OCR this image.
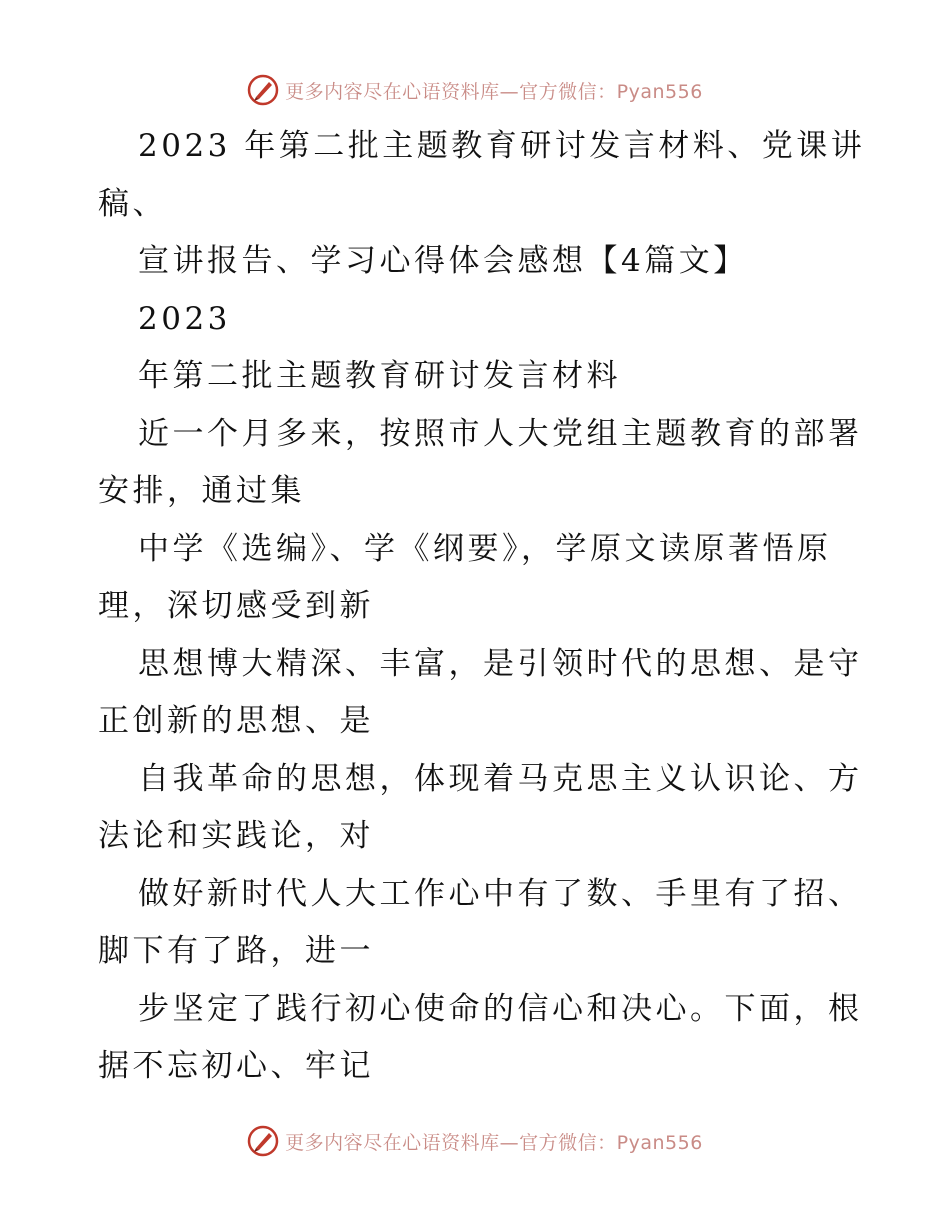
更多内容尽在心语资料库—官方微信：Pyan556
2023 年第二批主题教育研讨发言材料、党课讲
稿、
宣讲报告、学习心得体会感想【4篇文】
2023
年第二批主题教育研讨发言材料
近一个月多来，按照市人大党组主题教育的部署
安排，通过集
中学《选编》、学《纲要》，学原文读原著悟原
理，深切感受到新
思想博大精深、丰富，是引领时代的思想、是守
正创新的思想、是
自我革命的思想，体现着马克思主义认识论、方
法论和实践论，对
做好新时代人大工作心中有了数、手里有了招、
脚下有了路，进一
步坚定了践行初心使命的信心和决心。下面，根
据不忘初心、牢记
更多内容尽在心语资料库—官方微信：Pyan556
